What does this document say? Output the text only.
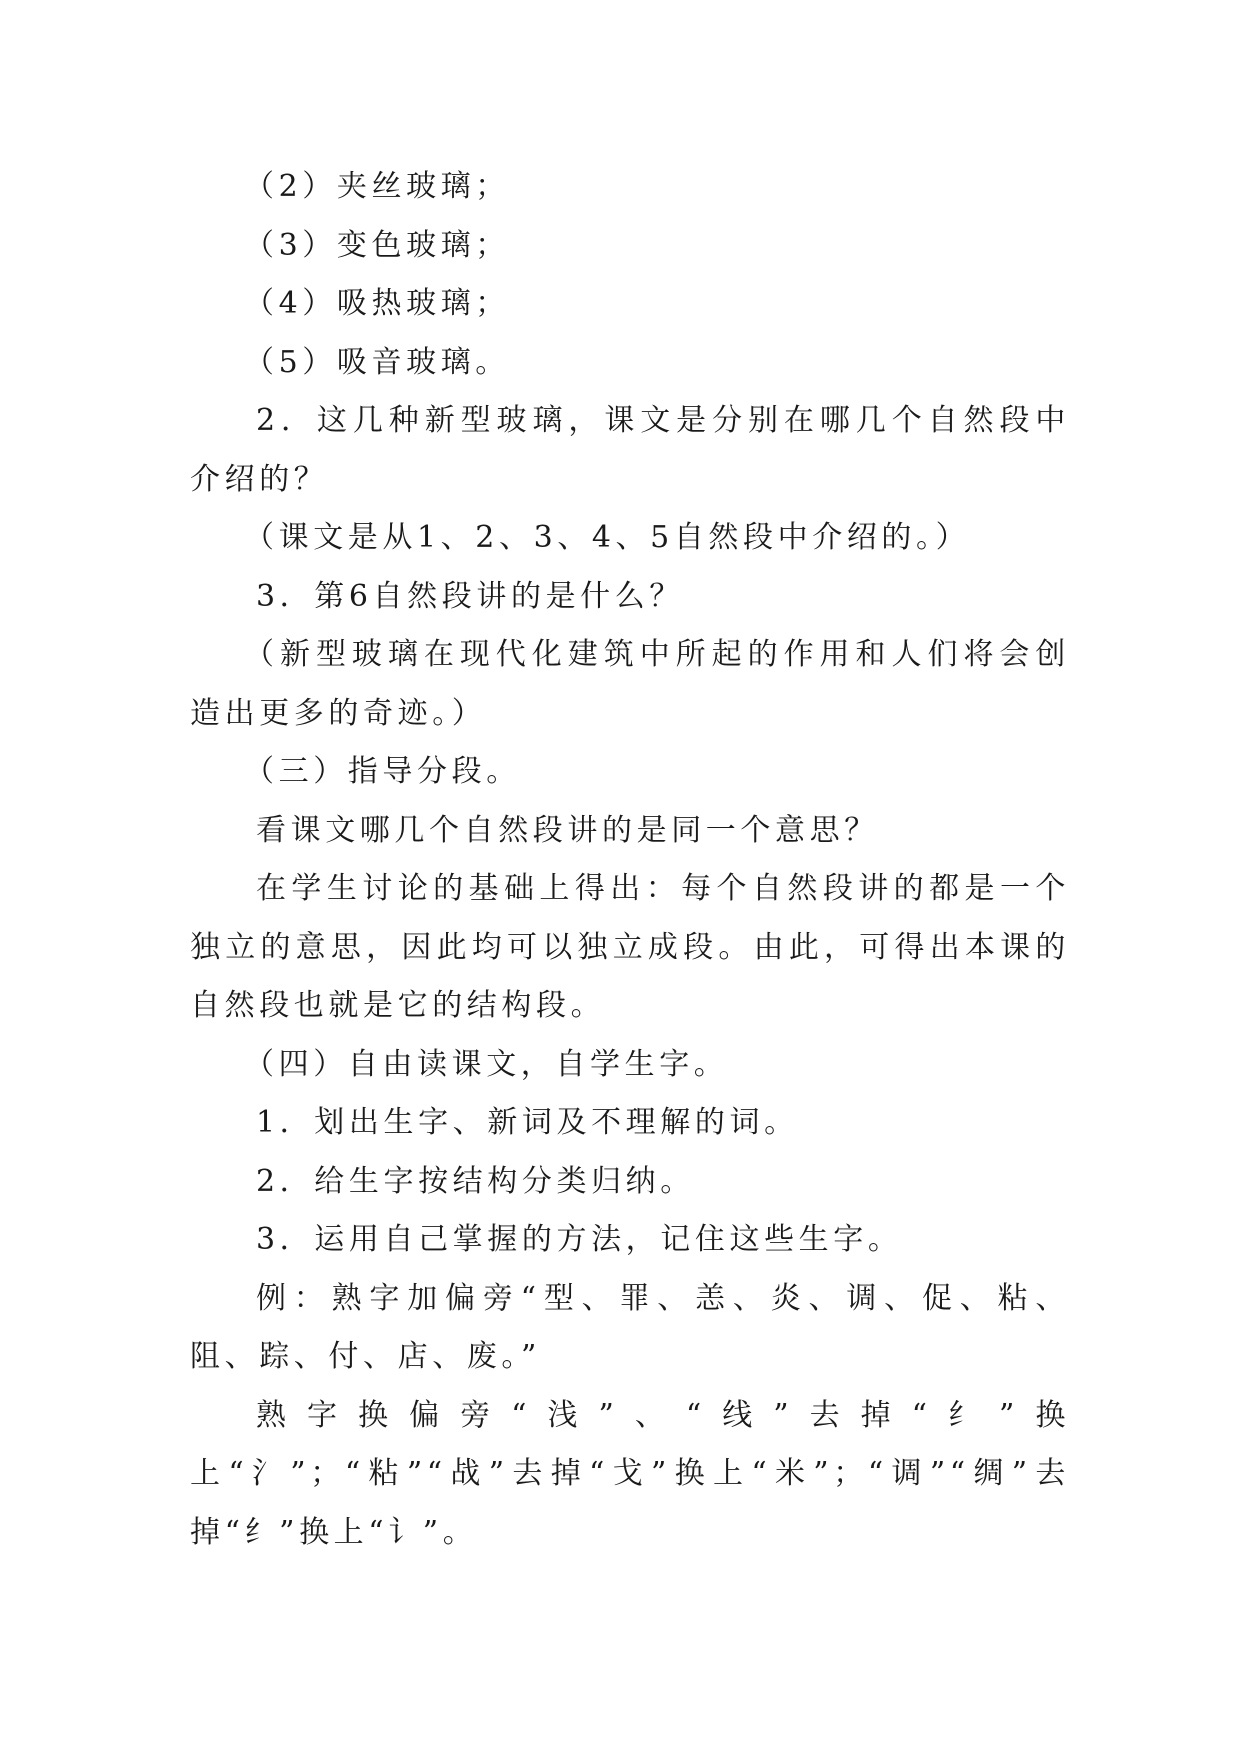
（2）夹丝玻璃；

（3）变色玻璃；

（4）吸热玻璃；

（5）吸音玻璃。

2．这几种新型玻璃，课文是分别在哪几个自然段中介绍的？

（课文是从1、2、3、4、5自然段中介绍的。）

3．第6自然段讲的是什么？

（新型玻璃在现代化建筑中所起的作用和人们将会创造出更多的奇迹。）

（三）指导分段。

看课文哪几个自然段讲的是同一个意思？

在学生讨论的基础上得出：每个自然段讲的都是一个独立的意思，因此均可以独立成段。由此，可得出本课的自然段也就是它的结构段。

（四）自由读课文，自学生字。

1．划出生字、新词及不理解的词。

2．给生字按结构分类归纳。

3．运用自己掌握的方法，记住这些生字。

例：熟字加偏旁“型、罪、恙、炎、调、促、粘、阻、踪、付、店、废。”

熟字换偏旁“浅”、“线”去掉“纟”换上“氵”；“粘”“战”去掉“戈”换上“米”；“调”“绸”去掉“纟”换上“讠”。
